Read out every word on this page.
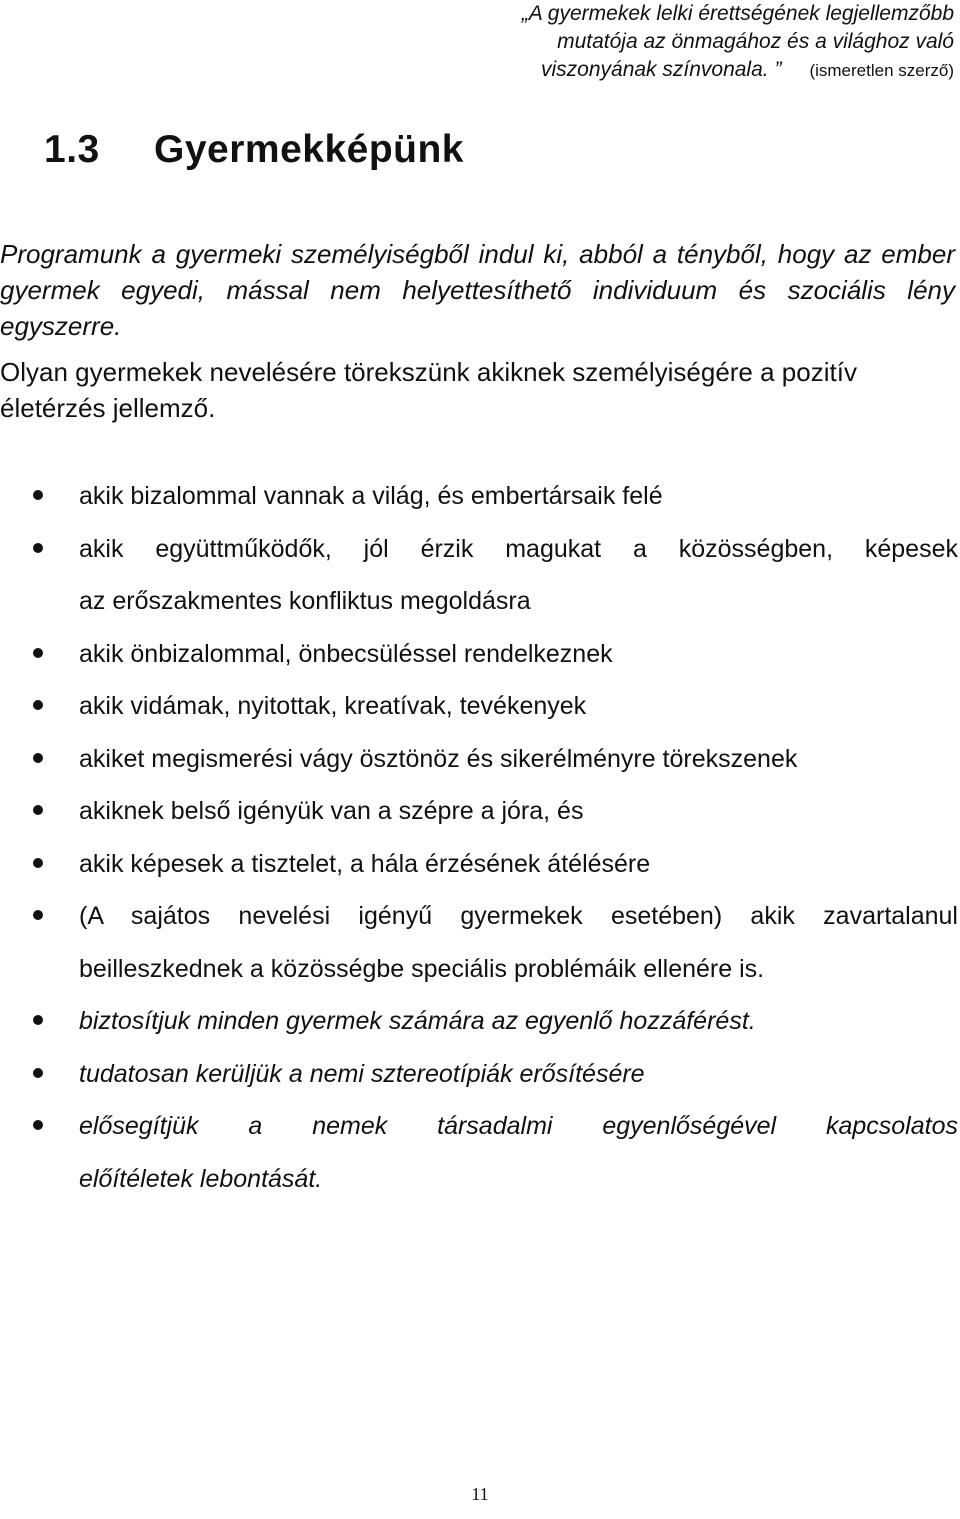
„A gyermekek lelki érettségének legjellemzőbb
mutatója az önmagához és a világhoz való
viszonyának színvonala. ” (ismeretlen szerző)
1.3 Gyermekképünk

Programunk a gyermeki személyiségből indul ki, abból a tényből, hogy az ember gyermek egyedi, mással nem helyettesíthető individuum és szociális lény egyszerre.

Olyan gyermekek nevelésére törekszünk akiknek személyiségére a pozitív életérzés jellemző.

akik bizalommal vannak a világ, és embertársaik felé
akik együttműködők, jól érzik magukat a közösségben, képesek
az erőszakmentes konfliktus megoldásra
akik önbizalommal, önbecsüléssel rendelkeznek
akik vidámak, nyitottak, kreatívak, tevékenyek
akiket megismerési vágy ösztönöz és sikerélményre törekszenek
akiknek belső igényük van a szépre a jóra, és
akik képesek a tisztelet, a hála érzésének átélésére
(A sajátos nevelési igényű gyermekek esetében) akik zavartalanul
beilleszkednek a közösségbe speciális problémáik ellenére is.
biztosítjuk minden gyermek számára az egyenlő hozzáférést.
tudatosan kerüljük a nemi sztereotípiák erősítésére
elősegítjük a nemek társadalmi egyenlőségével kapcsolatos
előítéletek lebontását.
11
